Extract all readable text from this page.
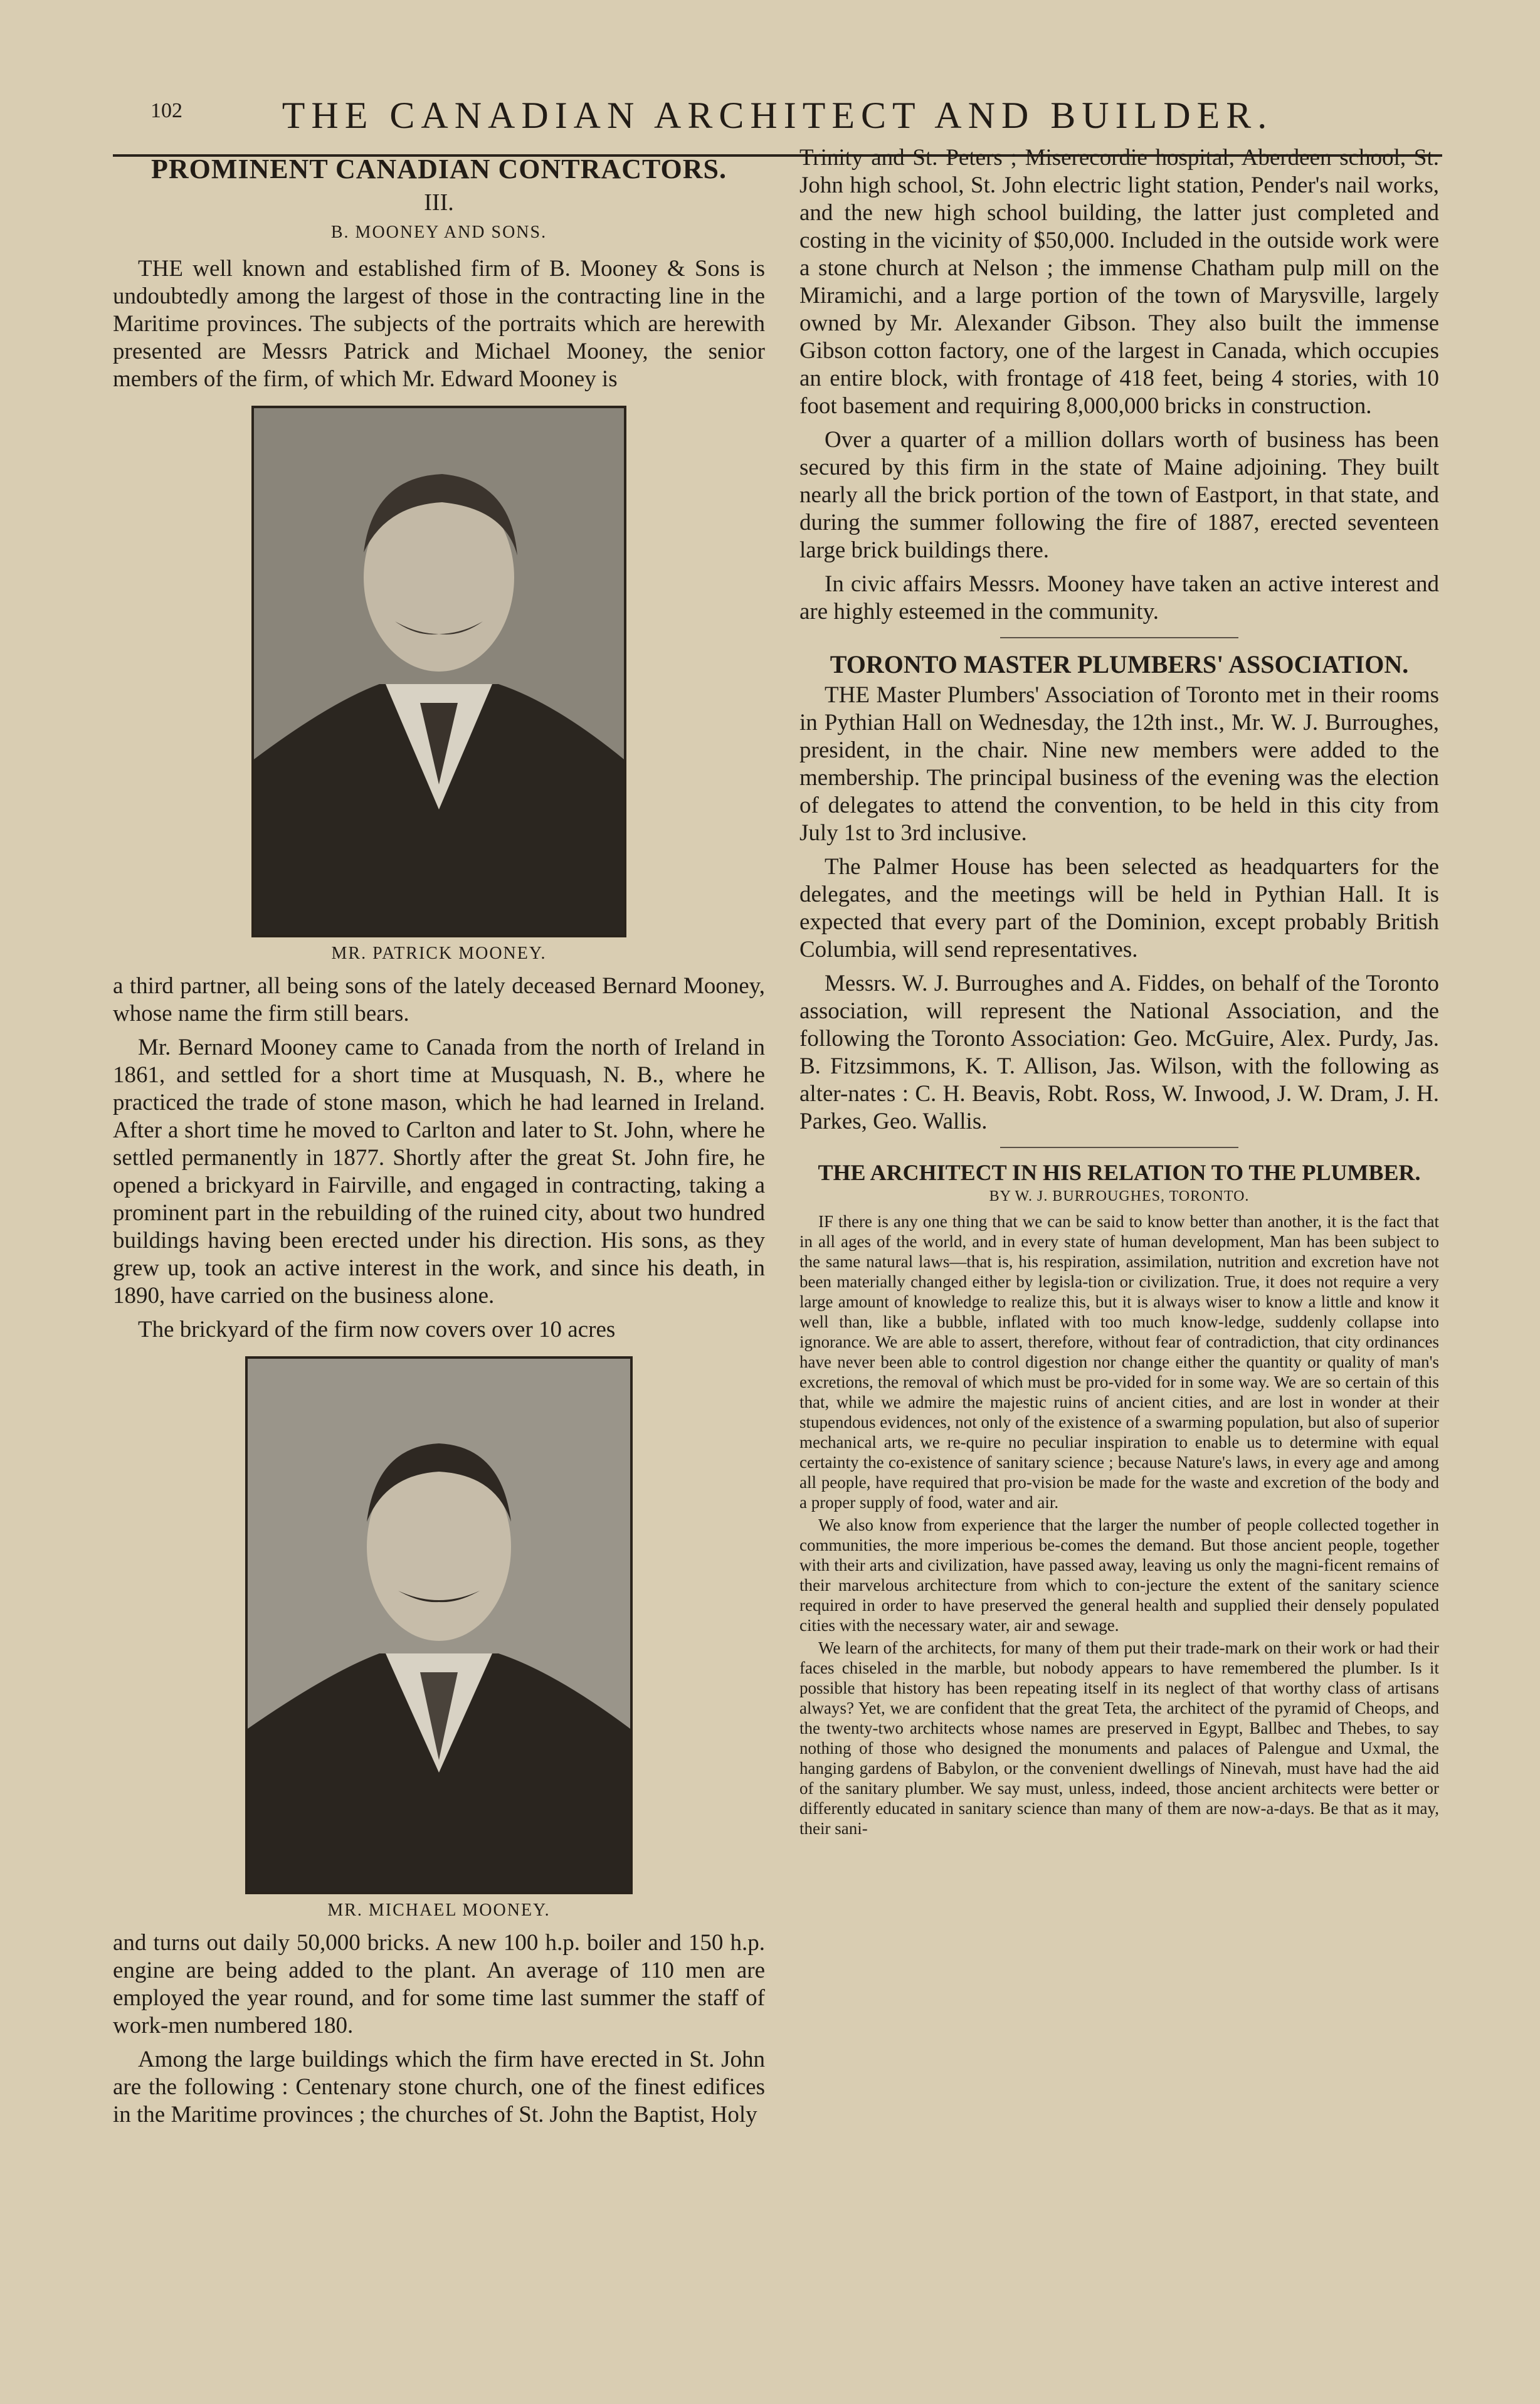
102	THE CANADIAN ARCHITECT AND BUILDER.
PROMINENT CANADIAN CONTRACTORS.
III.
B. MOONEY AND SONS.

THE well known and established firm of B. Mooney & Sons is undoubtedly among the largest of those in the contracting line in the Maritime provinces. The subjects of the portraits which are herewith presented are Messrs Patrick and Michael Mooney, the senior members of the firm, of which Mr. Edward Mooney is

MR. PATRICK MOONEY.

a third partner, all being sons of the lately deceased Bernard Mooney, whose name the firm still bears.

Mr. Bernard Mooney came to Canada from the north of Ireland in 1861, and settled for a short time at Musquash, N. B., where he practiced the trade of stone mason, which he had learned in Ireland. After a short time he moved to Carlton and later to St. John, where he settled permanently in 1877. Shortly after the great St. John fire, he opened a brickyard in Fairville, and engaged in contracting, taking a prominent part in the rebuilding of the ruined city, about two hundred buildings having been erected under his direction. His sons, as they grew up, took an active interest in the work, and since his death, in 1890, have carried on the business alone.

The brickyard of the firm now covers over 10 acres

MR. MICHAEL MOONEY.

and turns out daily 50,000 bricks. A new 100 h.p. boiler and 150 h.p. engine are being added to the plant. An average of 110 men are employed the year round, and for some time last summer the staff of work-men numbered 180.

Among the large buildings which the firm have erected in St. John are the following : Centenary stone church, one of the finest edifices in the Maritime provinces ; the churches of St. John the Baptist, Holy

Trinity and St. Peters ; Miserecordie hospital, Aberdeen school, St. John high school, St. John electric light station, Pender's nail works, and the new high school building, the latter just completed and costing in the vicinity of $50,000. Included in the outside work were a stone church at Nelson ; the immense Chatham pulp mill on the Miramichi, and a large portion of the town of Marysville, largely owned by Mr. Alexander Gibson. They also built the immense Gibson cotton factory, one of the largest in Canada, which occupies an entire block, with frontage of 418 feet, being 4 stories, with 10 foot basement and requiring 8,000,000 bricks in construction.

Over a quarter of a million dollars worth of business has been secured by this firm in the state of Maine adjoining. They built nearly all the brick portion of the town of Eastport, in that state, and during the summer following the fire of 1887, erected seventeen large brick buildings there.

In civic affairs Messrs. Mooney have taken an active interest and are highly esteemed in the community.

TORONTO MASTER PLUMBERS' ASSOCIATION.

THE Master Plumbers' Association of Toronto met in their rooms in Pythian Hall on Wednesday, the 12th inst., Mr. W. J. Burroughes, president, in the chair. Nine new members were added to the membership. The principal business of the evening was the election of delegates to attend the convention, to be held in this city from July 1st to 3rd inclusive.

The Palmer House has been selected as headquarters for the delegates, and the meetings will be held in Pythian Hall. It is expected that every part of the Dominion, except probably British Columbia, will send representatives.

Messrs. W. J. Burroughes and A. Fiddes, on behalf of the Toronto association, will represent the National Association, and the following the Toronto Association: Geo. McGuire, Alex. Purdy, Jas. B. Fitzsimmons, K. T. Allison, Jas. Wilson, with the following as alter-nates : C. H. Beavis, Robt. Ross, W. Inwood, J. W. Dram, J. H. Parkes, Geo. Wallis.

THE ARCHITECT IN HIS RELATION TO THE PLUMBER.
BY W. J. BURROUGHES, TORONTO.

IF there is any one thing that we can be said to know better than another, it is the fact that in all ages of the world, and in every state of human development, Man has been subject to the same natural laws—that is, his respiration, assimilation, nutrition and excretion have not been materially changed either by legisla-tion or civilization. True, it does not require a very large amount of knowledge to realize this, but it is always wiser to know a little and know it well than, like a bubble, inflated with too much know-ledge, suddenly collapse into ignorance. We are able to assert, therefore, without fear of contradiction, that city ordinances have never been able to control digestion nor change either the quantity or quality of man's excretions, the removal of which must be pro-vided for in some way. We are so certain of this that, while we admire the majestic ruins of ancient cities, and are lost in wonder at their stupendous evidences, not only of the existence of a swarming population, but also of superior mechanical arts, we re-quire no peculiar inspiration to enable us to determine with equal certainty the co-existence of sanitary science ; because Nature's laws, in every age and among all people, have required that pro-vision be made for the waste and excretion of the body and a proper supply of food, water and air.

We also know from experience that the larger the number of people collected together in communities, the more imperious be-comes the demand. But those ancient people, together with their arts and civilization, have passed away, leaving us only the magni-ficent remains of their marvelous architecture from which to con-jecture the extent of the sanitary science required in order to have preserved the general health and supplied their densely populated cities with the necessary water, air and sewage.

We learn of the architects, for many of them put their trade-mark on their work or had their faces chiseled in the marble, but nobody appears to have remembered the plumber. Is it possible that history has been repeating itself in its neglect of that worthy class of artisans always? Yet, we are confident that the great Teta, the architect of the pyramid of Cheops, and the twenty-two architects whose names are preserved in Egypt, Ballbec and Thebes, to say nothing of those who designed the monuments and palaces of Palengue and Uxmal, the hanging gardens of Babylon, or the convenient dwellings of Ninevah, must have had the aid of the sanitary plumber. We say must, unless, indeed, those ancient architects were better or differently educated in sanitary science than many of them are now-a-days. Be that as it may, their sani-
